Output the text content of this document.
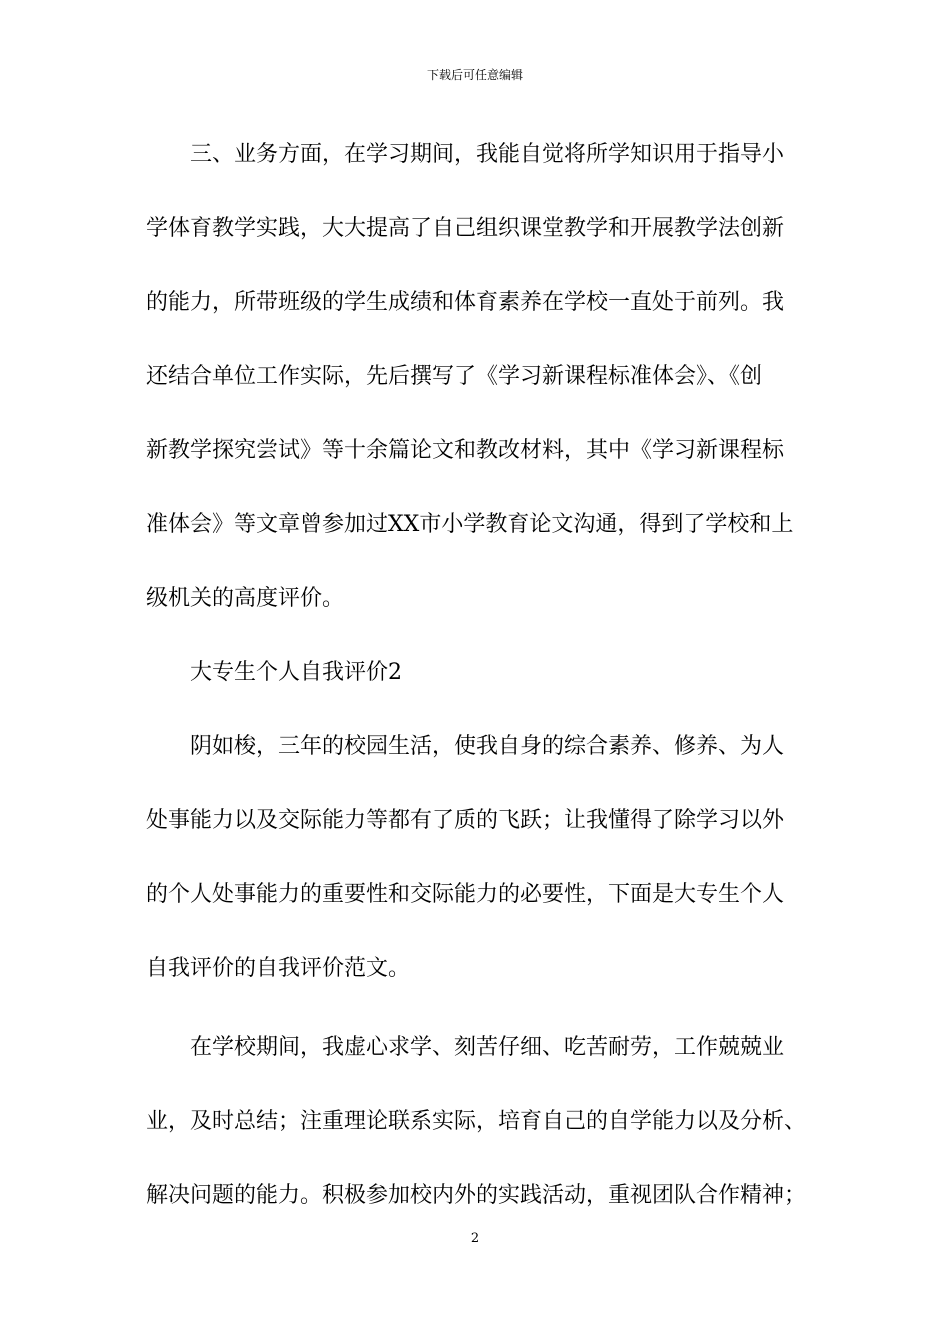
下载后可任意编辑
　　三、业务方面，在学习期间，我能自觉将所学知识用于指导小
学体育教学实践，大大提高了自己组织课堂教学和开展教学法创新
的能力，所带班级的学生成绩和体育素养在学校一直处于前列。我
还结合单位工作实际，先后撰写了《学习新课程标准体会》、《创
新教学探究尝试》等十余篇论文和教改材料，其中《学习新课程标
准体会》等文章曾参加过XX市小学教育论文沟通，得到了学校和上
级机关的高度评价。
　　大专生个人自我评价2
　　阴如梭，三年的校园生活，使我自身的综合素养、修养、为人
处事能力以及交际能力等都有了质的飞跃；让我懂得了除学习以外
的个人处事能力的重要性和交际能力的必要性，下面是大专生个人
自我评价的自我评价范文。
　　在学校期间，我虚心求学、刻苦仔细、吃苦耐劳，工作兢兢业
业，及时总结；注重理论联系实际，培育自己的自学能力以及分析、
解决问题的能力。积极参加校内外的实践活动，重视团队合作精神；
2
